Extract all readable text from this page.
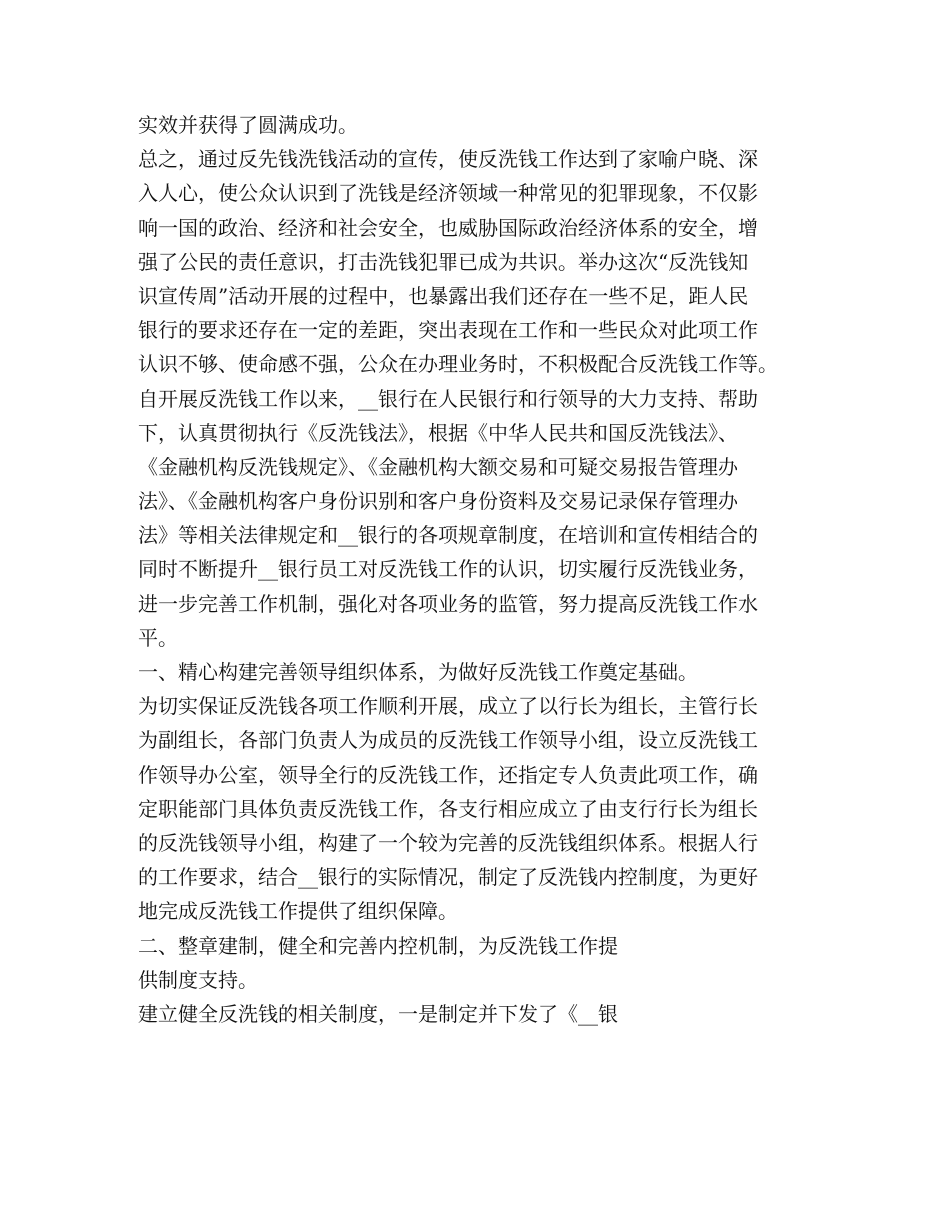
实效并获得了圆满成功。
总之，通过反先钱洗钱活动的宣传，使反洗钱工作达到了家喻户晓、深
入人心，使公众认识到了洗钱是经济领域一种常见的犯罪现象，不仅影
响一国的政治、经济和社会安全，也威胁国际政治经济体系的安全，增
强了公民的责任意识，打击洗钱犯罪已成为共识。举办这次“反洗钱知
识宣传周”活动开展的过程中，也暴露出我们还存在一些不足，距人民
银行的要求还存在一定的差距，突出表现在工作和一些民众对此项工作
认识不够、使命感不强，公众在办理业务时，不积极配合反洗钱工作等。
自开展反洗钱工作以来，__银行在人民银行和行领导的大力支持、帮助
下，认真贯彻执行《反洗钱法》，根据《中华人民共和国反洗钱法》、
《金融机构反洗钱规定》、《金融机构大额交易和可疑交易报告管理办
法》、《金融机构客户身份识别和客户身份资料及交易记录保存管理办
法》等相关法律规定和__银行的各项规章制度，在培训和宣传相结合的
同时不断提升__银行员工对反洗钱工作的认识，切实履行反洗钱业务，
进一步完善工作机制，强化对各项业务的监管，努力提高反洗钱工作水
平。
一、精心构建完善领导组织体系，为做好反洗钱工作奠定基础。
为切实保证反洗钱各项工作顺利开展，成立了以行长为组长，主管行长
为副组长，各部门负责人为成员的反洗钱工作领导小组，设立反洗钱工
作领导办公室，领导全行的反洗钱工作，还指定专人负责此项工作，确
定职能部门具体负责反洗钱工作，各支行相应成立了由支行行长为组长
的反洗钱领导小组，构建了一个较为完善的反洗钱组织体系。根据人行
的工作要求，结合__银行的实际情况，制定了反洗钱内控制度，为更好
地完成反洗钱工作提供了组织保障。
二、整章建制，健全和完善内控机制，为反洗钱工作提
供制度支持。
建立健全反洗钱的相关制度，一是制定并下发了《__银
